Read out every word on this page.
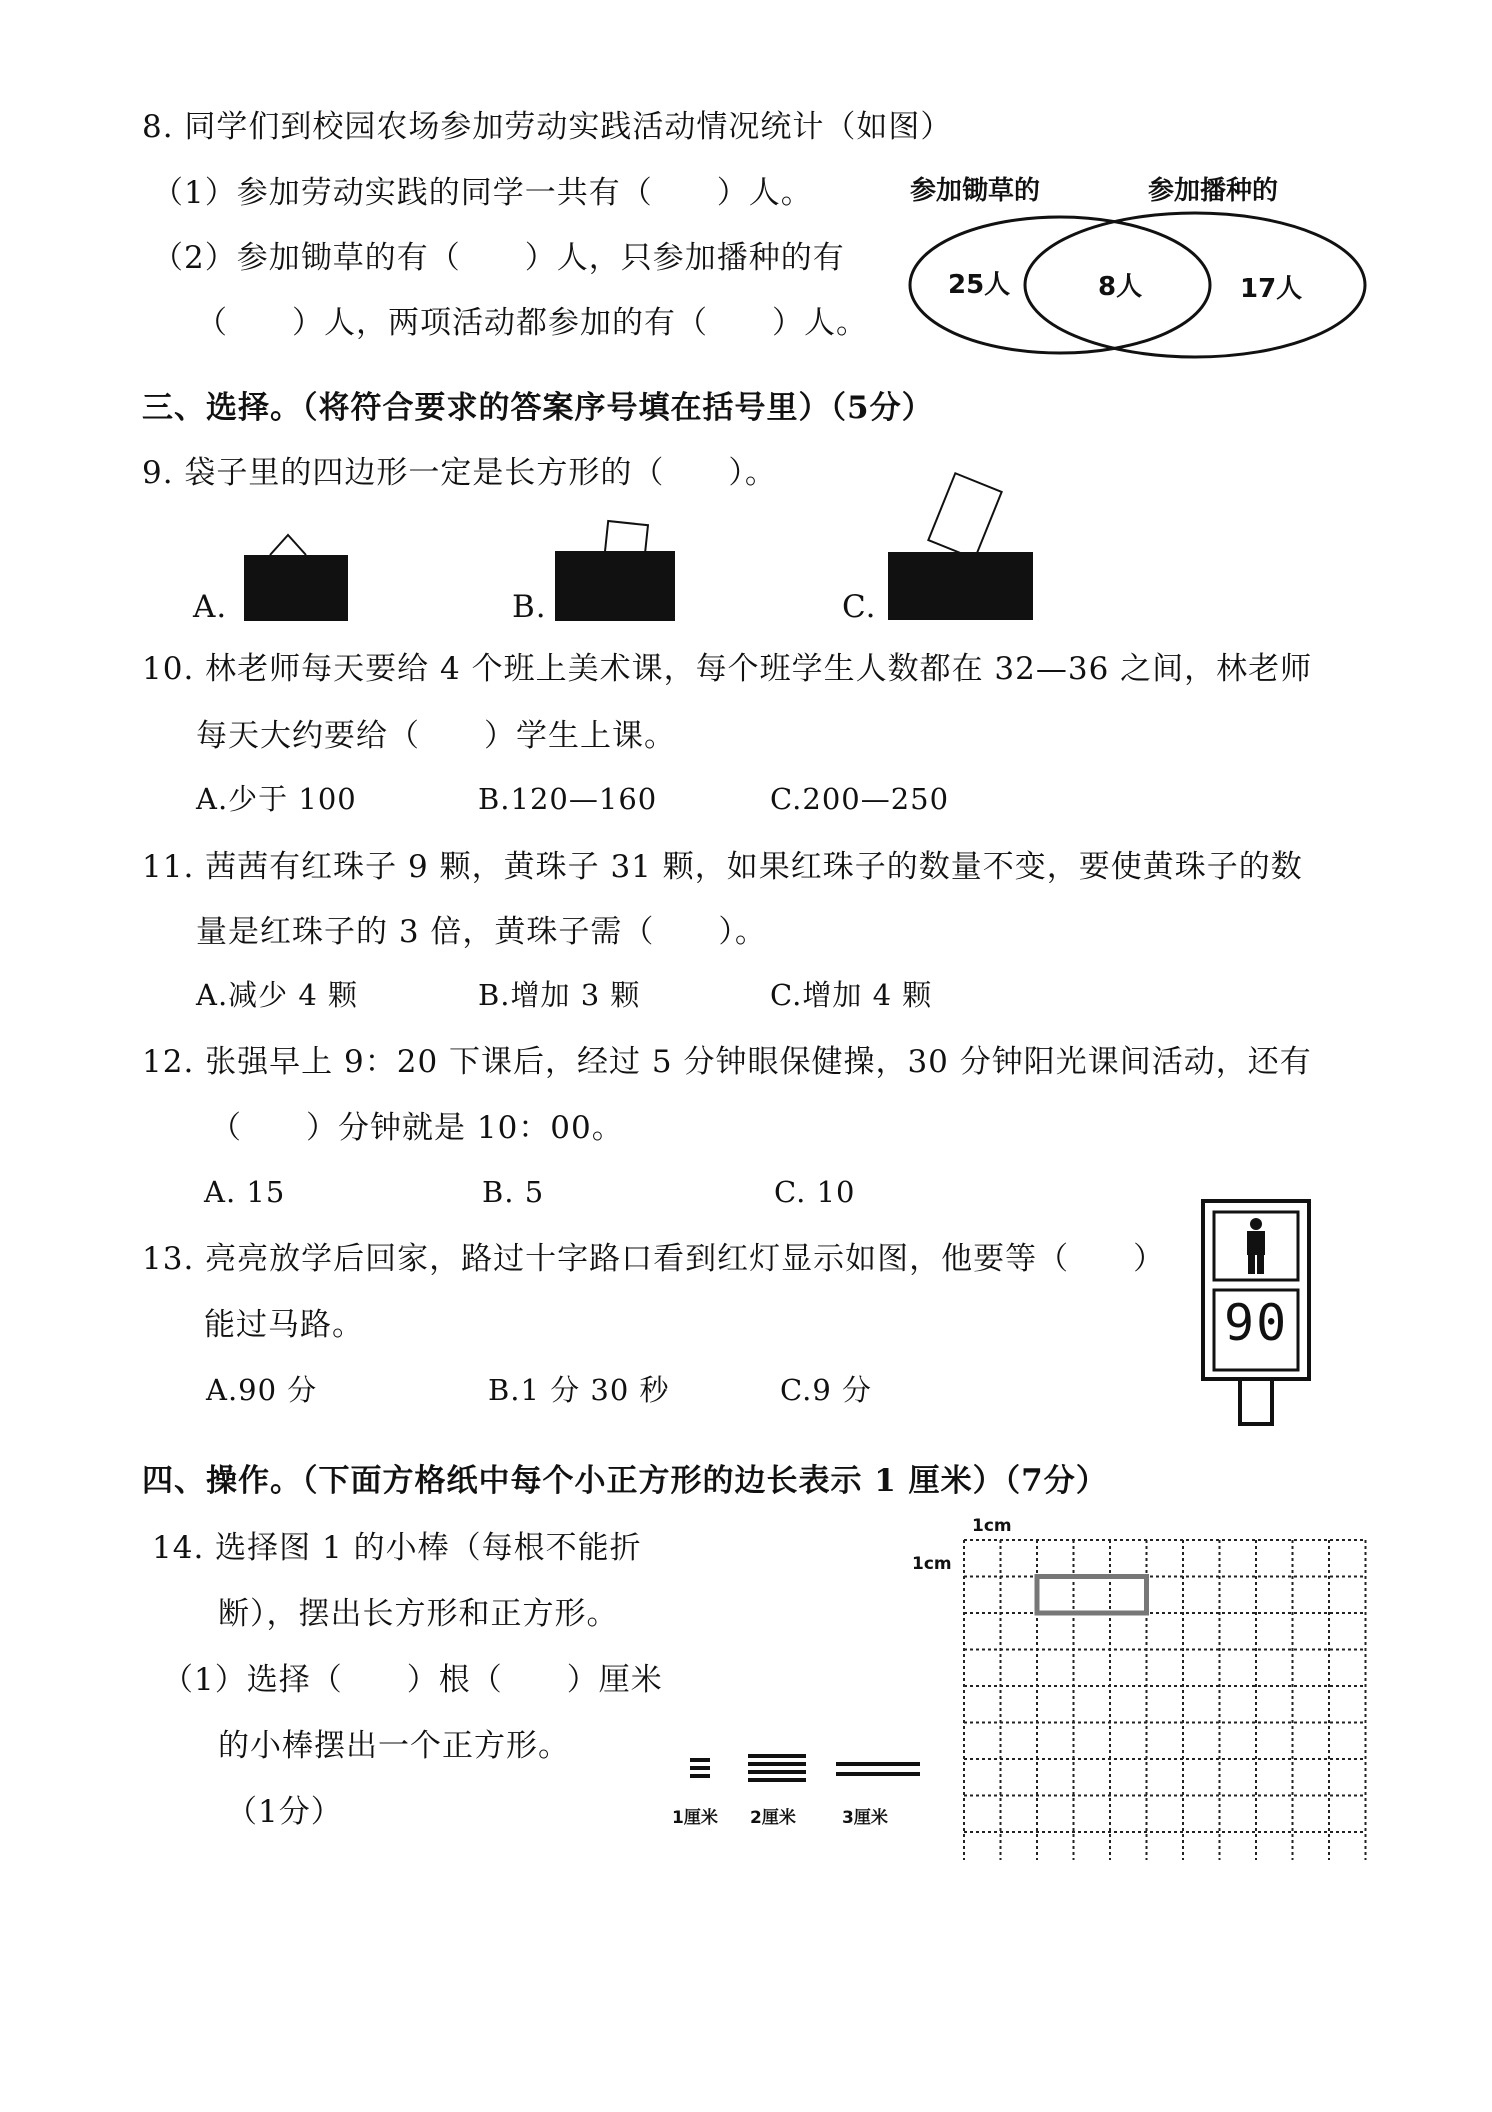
8. 同学们到校园农场参加劳动实践活动情况统计（如图）
（1）参加劳动实践的同学一共有（　　）人。
（2）参加锄草的有（　　）人，只参加播种的有
（　　）人，两项活动都参加的有（　　）人。
参加锄草的	参加播种的
25人	8人	17人
三、选择。（将符合要求的答案序号填在括号里）（5分）
9. 袋子里的四边形一定是长方形的（　　）。
A.	B.	C.
10. 林老师每天要给 4 个班上美术课，每个班学生人数都在 32—36 之间，林老师
每天大约要给（　　）学生上课。
A.少于 100	B.120—160	C.200—250
11. 茜茜有红珠子 9 颗，黄珠子 31 颗，如果红珠子的数量不变，要使黄珠子的数
量是红珠子的 3 倍，黄珠子需（　　）。
A.减少 4 颗	B.增加 3 颗	C.增加 4 颗
12. 张强早上 9：20 下课后，经过 5 分钟眼保健操，30 分钟阳光课间活动，还有
（　　）分钟就是 10：00。
A. 15	B. 5	C. 10
13. 亮亮放学后回家，路过十字路口看到红灯显示如图，他要等（　　）
能过马路。
A.90 分	B.1 分 30 秒	C.9 分
90
四、操作。（下面方格纸中每个小正方形的边长表示 1 厘米）（7分）
14. 选择图 1 的小棒（每根不能折
断），摆出长方形和正方形。
（1）选择（　　）根（　　）厘米
的小棒摆出一个正方形。
（1分）	1厘米 2厘米	3厘米
1cm
1cm
